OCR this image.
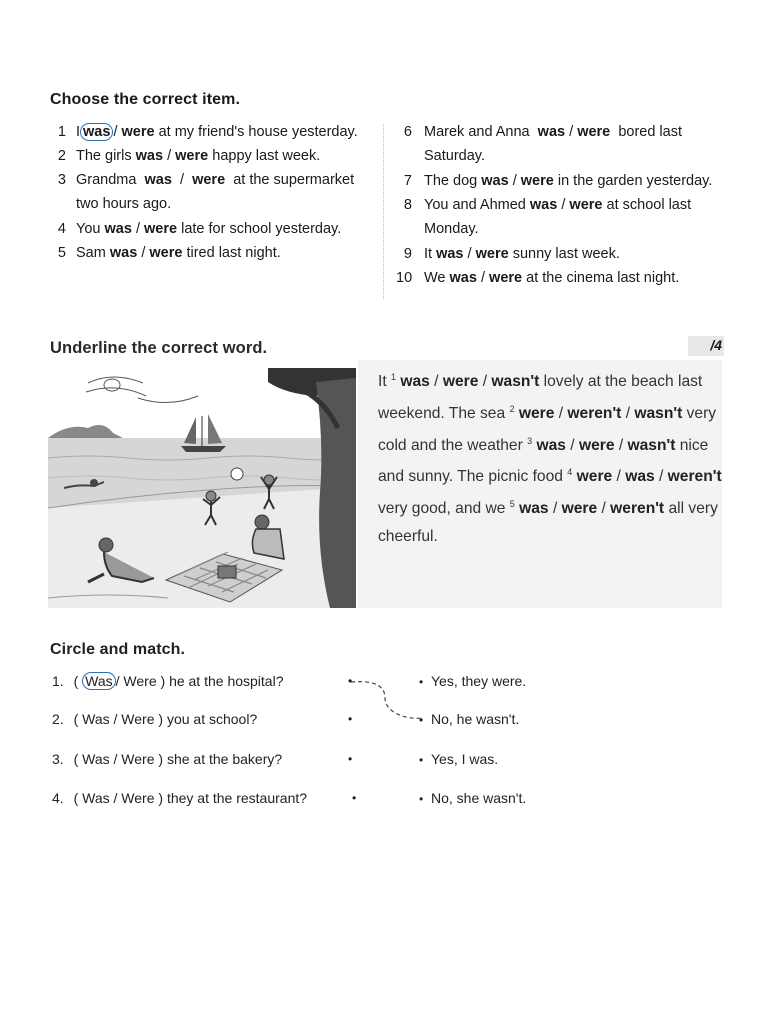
Choose the correct item.
1 I was / were at my friend's house yesterday.
2 The girls was / were happy last week.
3 Grandma was / were at the supermarket
two hours ago.
4 You was / were late for school yesterday.
5 Sam was / were tired last night.
6 Marek and Anna was / were bored last
Saturday.
7 The dog was / were in the garden yesterday.
8 You and Ahmed was / were at school last
Monday.
9 It was / were sunny last week.
10 We was / were at the cinema last night.
Underline the correct word.	/4
It $^1$ was / were / wasn't lovely at the beach last weekend. The sea $^2$ were / weren't / wasn't very cold and the weather $^3$ was / were / wasn't nice and sunny. The picnic food $^4$ were / was / weren't very good, and we $^5$ was / were / weren't all very cheerful.
Circle and match.
1. ( Was / Were ) he at the hospital?
2. ( Was / Were ) you at school?
3. ( Was / Were ) she at the bakery?
4. ( Was / Were ) they at the restaurant?
•
•
•
•
• Yes, they were.
• No, he wasn't.
• Yes, I was.
• No, she wasn't.
